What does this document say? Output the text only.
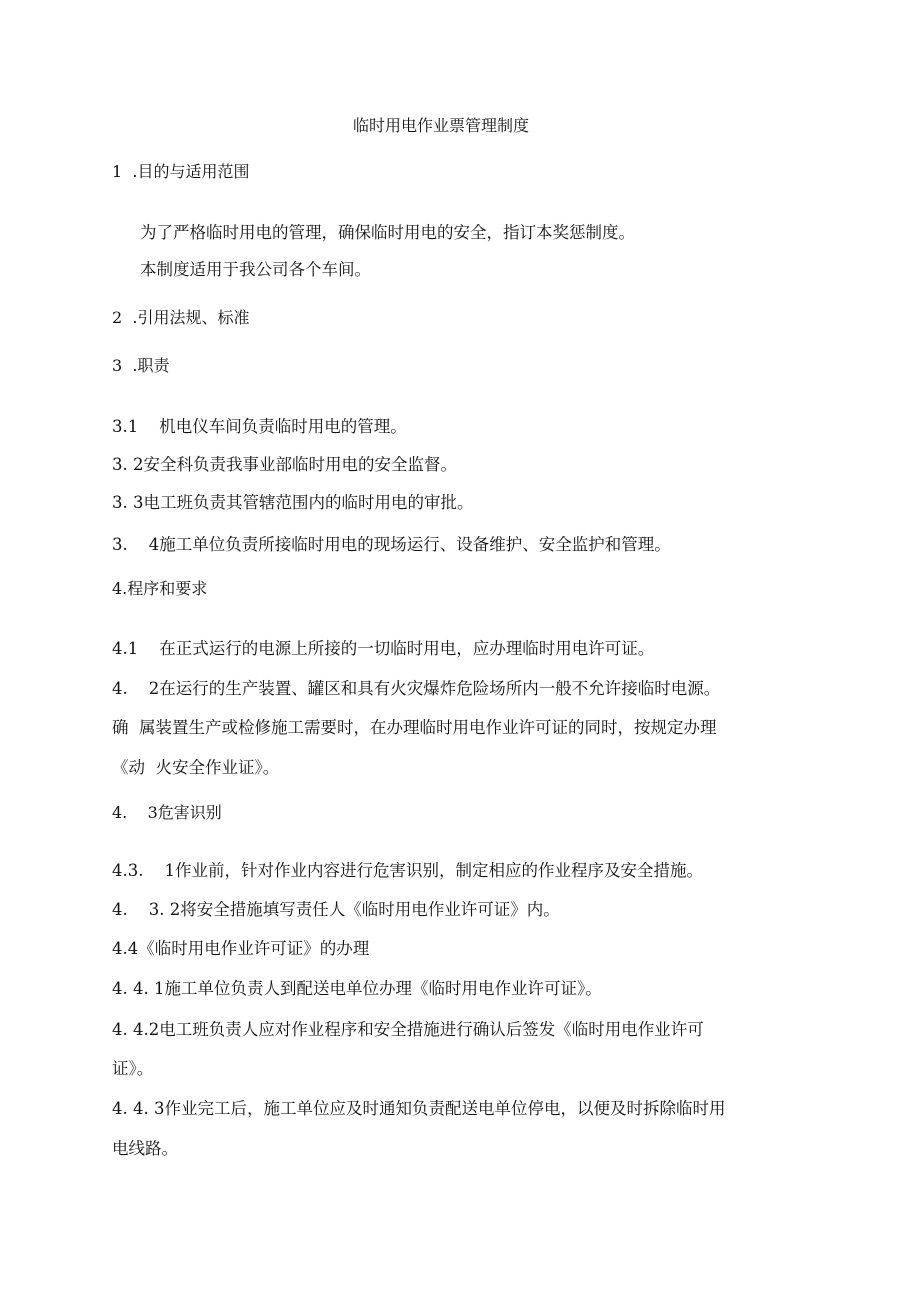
临时用电作业票管理制度
1  .目的与适用范围
为了严格临时用电的管理，确保临时用电的安全，指订本奖惩制度。
本制度适用于我公司各个车间。
2  .引用法规、标准
3  .职责
3.1    机电仪车间负责临时用电的管理。
3. 2安全科负责我事业部临时用电的安全监督。
3. 3电工班负责其管辖范围内的临时用电的审批。
3.    4施工单位负责所接临时用电的现场运行、设备维护、安全监护和管理。
4.程序和要求
4.1    在正式运行的电源上所接的一切临时用电，应办理临时用电许可证。
4.    2在运行的生产装置、罐区和具有火灾爆炸危险场所内一般不允许接临时电源。
确  属装置生产或检修施工需要时，在办理临时用电作业许可证的同时，按规定办理
《动  火安全作业证》。
4.    3危害识别
4.3.    1作业前，针对作业内容进行危害识别，制定相应的作业程序及安全措施。
4.    3. 2将安全措施填写责任人《临时用电作业许可证》内。
4.4《临时用电作业许可证》的办理
4. 4. 1施工单位负责人到配送电单位办理《临时用电作业许可证》。
4. 4.2电工班负责人应对作业程序和安全措施进行确认后签发《临时用电作业许可
证》。
4. 4. 3作业完工后，施工单位应及时通知负责配送电单位停电，以便及时拆除临时用
电线路。
